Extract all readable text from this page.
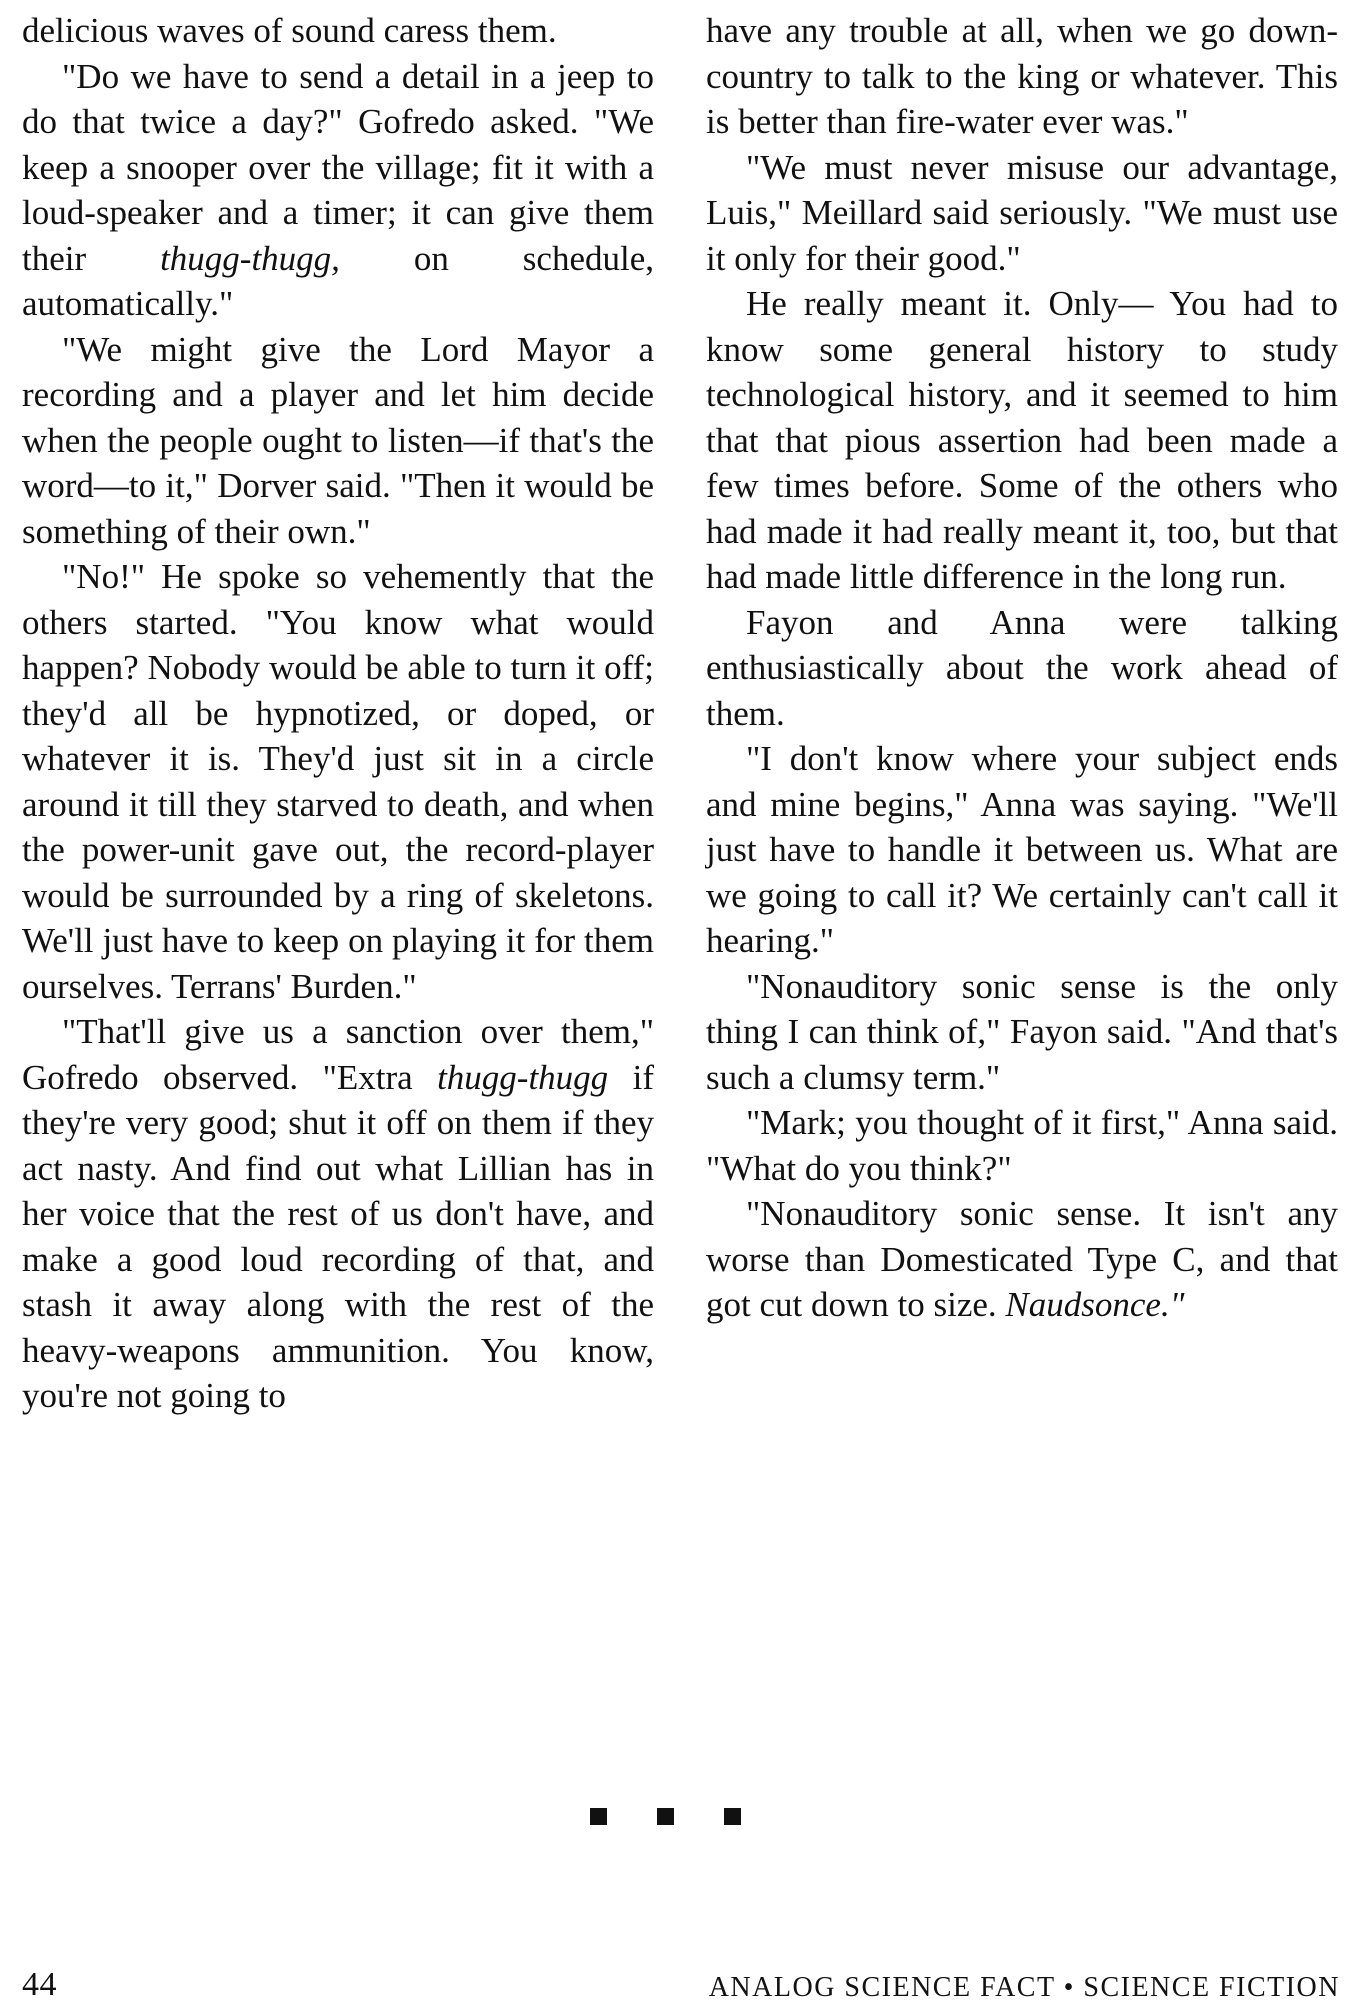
delicious waves of sound caress them.

"Do we have to send a detail in a jeep to do that twice a day?" Gofredo asked. "We keep a snooper over the village; fit it with a loud-speaker and a timer; it can give them their thugg-thugg, on schedule, automatically."

"We might give the Lord Mayor a recording and a player and let him decide when the people ought to listen—if that's the word—to it," Dorver said. "Then it would be something of their own."

"No!" He spoke so vehemently that the others started. "You know what would happen? Nobody would be able to turn it off; they'd all be hypnotized, or doped, or whatever it is. They'd just sit in a circle around it till they starved to death, and when the power-unit gave out, the record-player would be surrounded by a ring of skeletons. We'll just have to keep on playing it for them ourselves. Terrans' Burden."

"That'll give us a sanction over them," Gofredo observed. "Extra thugg-thugg if they're very good; shut it off on them if they act nasty. And find out what Lillian has in her voice that the rest of us don't have, and make a good loud recording of that, and stash it away along with the rest of the heavy-weapons ammunition. You know, you're not going to

have any trouble at all, when we go down-country to talk to the king or whatever. This is better than fire-water ever was."

"We must never misuse our advantage, Luis," Meillard said seriously. "We must use it only for their good."

He really meant it. Only— You had to know some general history to study technological history, and it seemed to him that that pious assertion had been made a few times before. Some of the others who had made it had really meant it, too, but that had made little difference in the long run.

Fayon and Anna were talking enthusiastically about the work ahead of them.

"I don't know where your subject ends and mine begins," Anna was saying. "We'll just have to handle it between us. What are we going to call it? We certainly can't call it hearing."

"Nonauditory sonic sense is the only thing I can think of," Fayon said. "And that's such a clumsy term."

"Mark; you thought of it first," Anna said. "What do you think?"

"Nonauditory sonic sense. It isn't any worse than Domesticated Type C, and that got cut down to size. Naudsonce."

44	ANALOG SCIENCE FACT • SCIENCE FICTION
